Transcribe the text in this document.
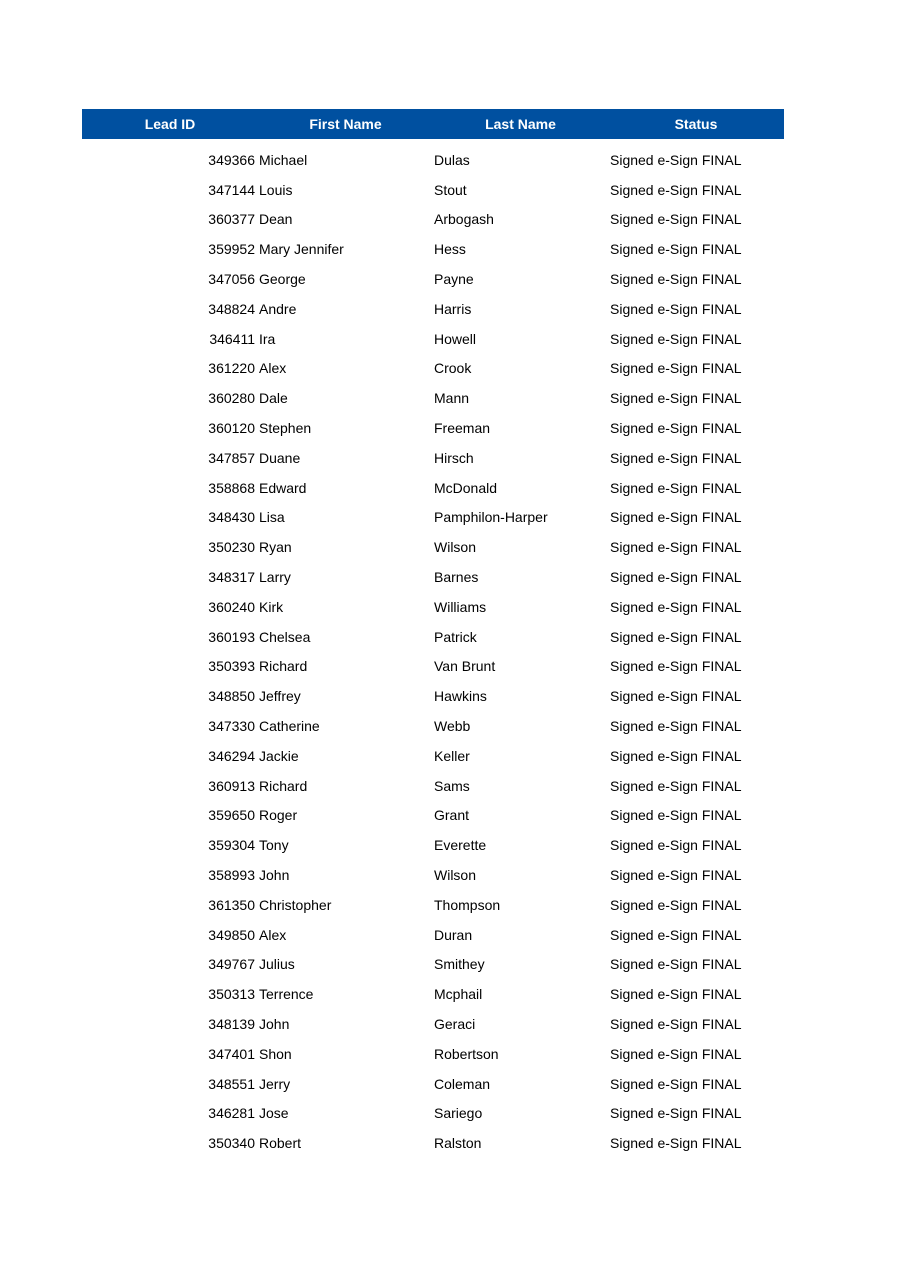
Lead ID	First Name	Last Name	Status
349366 Michael	Dulas	Signed e-Sign FINAL
347144 Louis	Stout	Signed e-Sign FINAL
360377 Dean	Arbogash	Signed e-Sign FINAL
359952 Mary Jennifer	Hess	Signed e-Sign FINAL
347056 George	Payne	Signed e-Sign FINAL
348824 Andre	Harris	Signed e-Sign FINAL
346411 Ira	Howell	Signed e-Sign FINAL
361220 Alex	Crook	Signed e-Sign FINAL
360280 Dale	Mann	Signed e-Sign FINAL
360120 Stephen	Freeman	Signed e-Sign FINAL
347857 Duane	Hirsch	Signed e-Sign FINAL
358868 Edward	McDonald	Signed e-Sign FINAL
348430 Lisa	Pamphilon-Harper	Signed e-Sign FINAL
350230 Ryan	Wilson	Signed e-Sign FINAL
348317 Larry	Barnes	Signed e-Sign FINAL
360240 Kirk	Williams	Signed e-Sign FINAL
360193 Chelsea	Patrick	Signed e-Sign FINAL
350393 Richard	Van Brunt	Signed e-Sign FINAL
348850 Jeffrey	Hawkins	Signed e-Sign FINAL
347330 Catherine	Webb	Signed e-Sign FINAL
346294 Jackie	Keller	Signed e-Sign FINAL
360913 Richard	Sams	Signed e-Sign FINAL
359650 Roger	Grant	Signed e-Sign FINAL
359304 Tony	Everette	Signed e-Sign FINAL
358993 John	Wilson	Signed e-Sign FINAL
361350 Christopher	Thompson	Signed e-Sign FINAL
349850 Alex	Duran	Signed e-Sign FINAL
349767 Julius	Smithey	Signed e-Sign FINAL
350313 Terrence	Mcphail	Signed e-Sign FINAL
348139 John	Geraci	Signed e-Sign FINAL
347401 Shon	Robertson	Signed e-Sign FINAL
348551 Jerry	Coleman	Signed e-Sign FINAL
346281 Jose	Sariego	Signed e-Sign FINAL
350340 Robert	Ralston	Signed e-Sign FINAL
